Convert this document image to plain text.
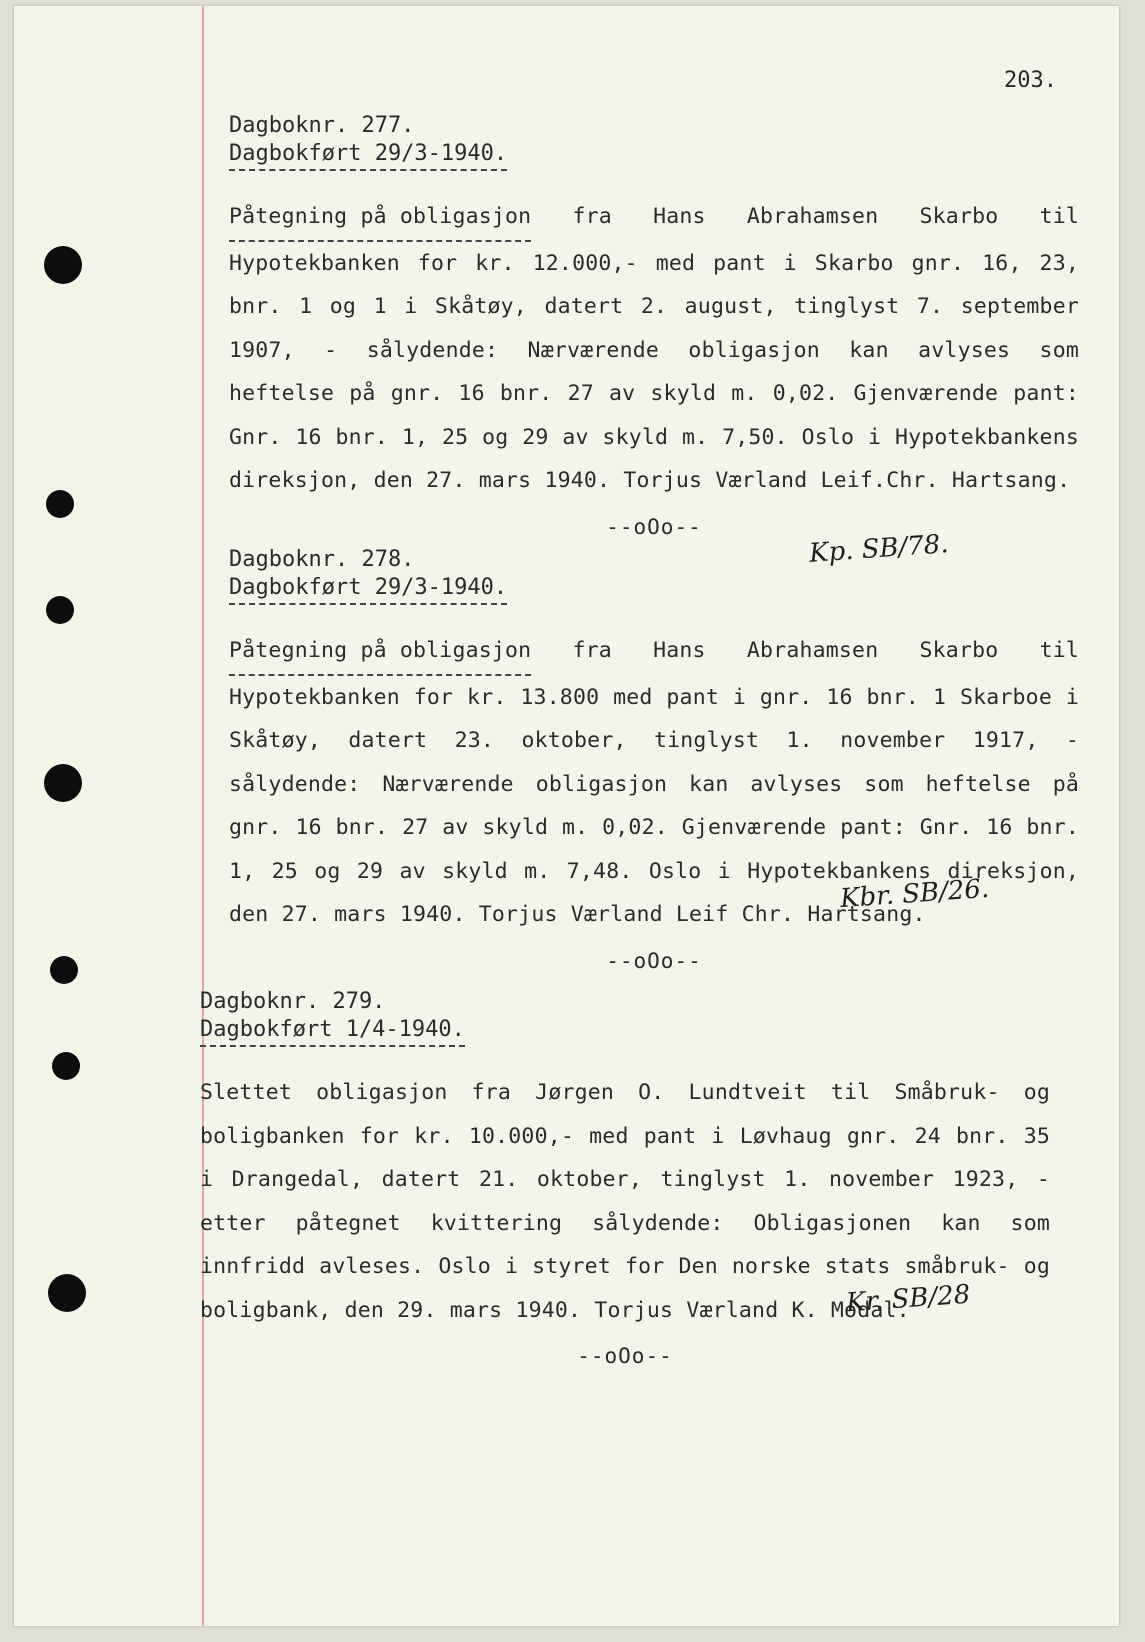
203.
Dagboknr. 277.
Dagbokført 29/3-1940.
Påtegning på obligasjon fra Hans Abrahamsen Skarbo til Hypotekbanken for kr. 12.000,- med pant i Skarbo gnr. 16, 23, bnr. 1 og 1 i Skåtøy, datert 2. august, tinglyst 7. september 1907, - sålydende: Nærværende obligasjon kan avlyses som heftelse på gnr. 16 bnr. 27 av skyld m. 0,02. Gjenværende pant: Gnr. 16 bnr. 1, 25 og 29 av skyld m. 7,50. Oslo i Hypotekbankens direksjon, den 27. mars 1940. Torjus Værland Leif.Chr. Hartsang.
--oOo--
Kp. SB/78.
Dagboknr. 278.
Dagbokført 29/3-1940.
Påtegning på obligasjon fra Hans Abrahamsen Skarbo til Hypotekbanken for kr. 13.800 med pant i gnr. 16 bnr. 1 Skarboe i Skåtøy, datert 23. oktober, tinglyst 1. november 1917, - sålydende: Nærværende obligasjon kan avlyses som heftelse på gnr. 16 bnr. 27 av skyld m. 0,02. Gjenværende pant: Gnr. 16 bnr. 1, 25 og 29 av skyld m. 7,48. Oslo i Hypotekbankens direksjon, den 27. mars 1940. Torjus Værland Leif Chr. Hartsang.
--oOo--
Kbr. SB/26.
Dagboknr. 279.
Dagbokført 1/4-1940.
Slettet obligasjon fra Jørgen O. Lundtveit til Småbruk- og boligbanken for kr. 10.000,- med pant i Løvhaug gnr. 24 bnr. 35 i Drangedal, datert 21. oktober, tinglyst 1. november 1923, - etter påtegnet kvittering sålydende: Obligasjonen kan som innfridd avleses. Oslo i styret for Den norske stats småbruk- og boligbank, den 29. mars 1940. Torjus Værland K. Modal.
--oOo--
Kr. SB/28
